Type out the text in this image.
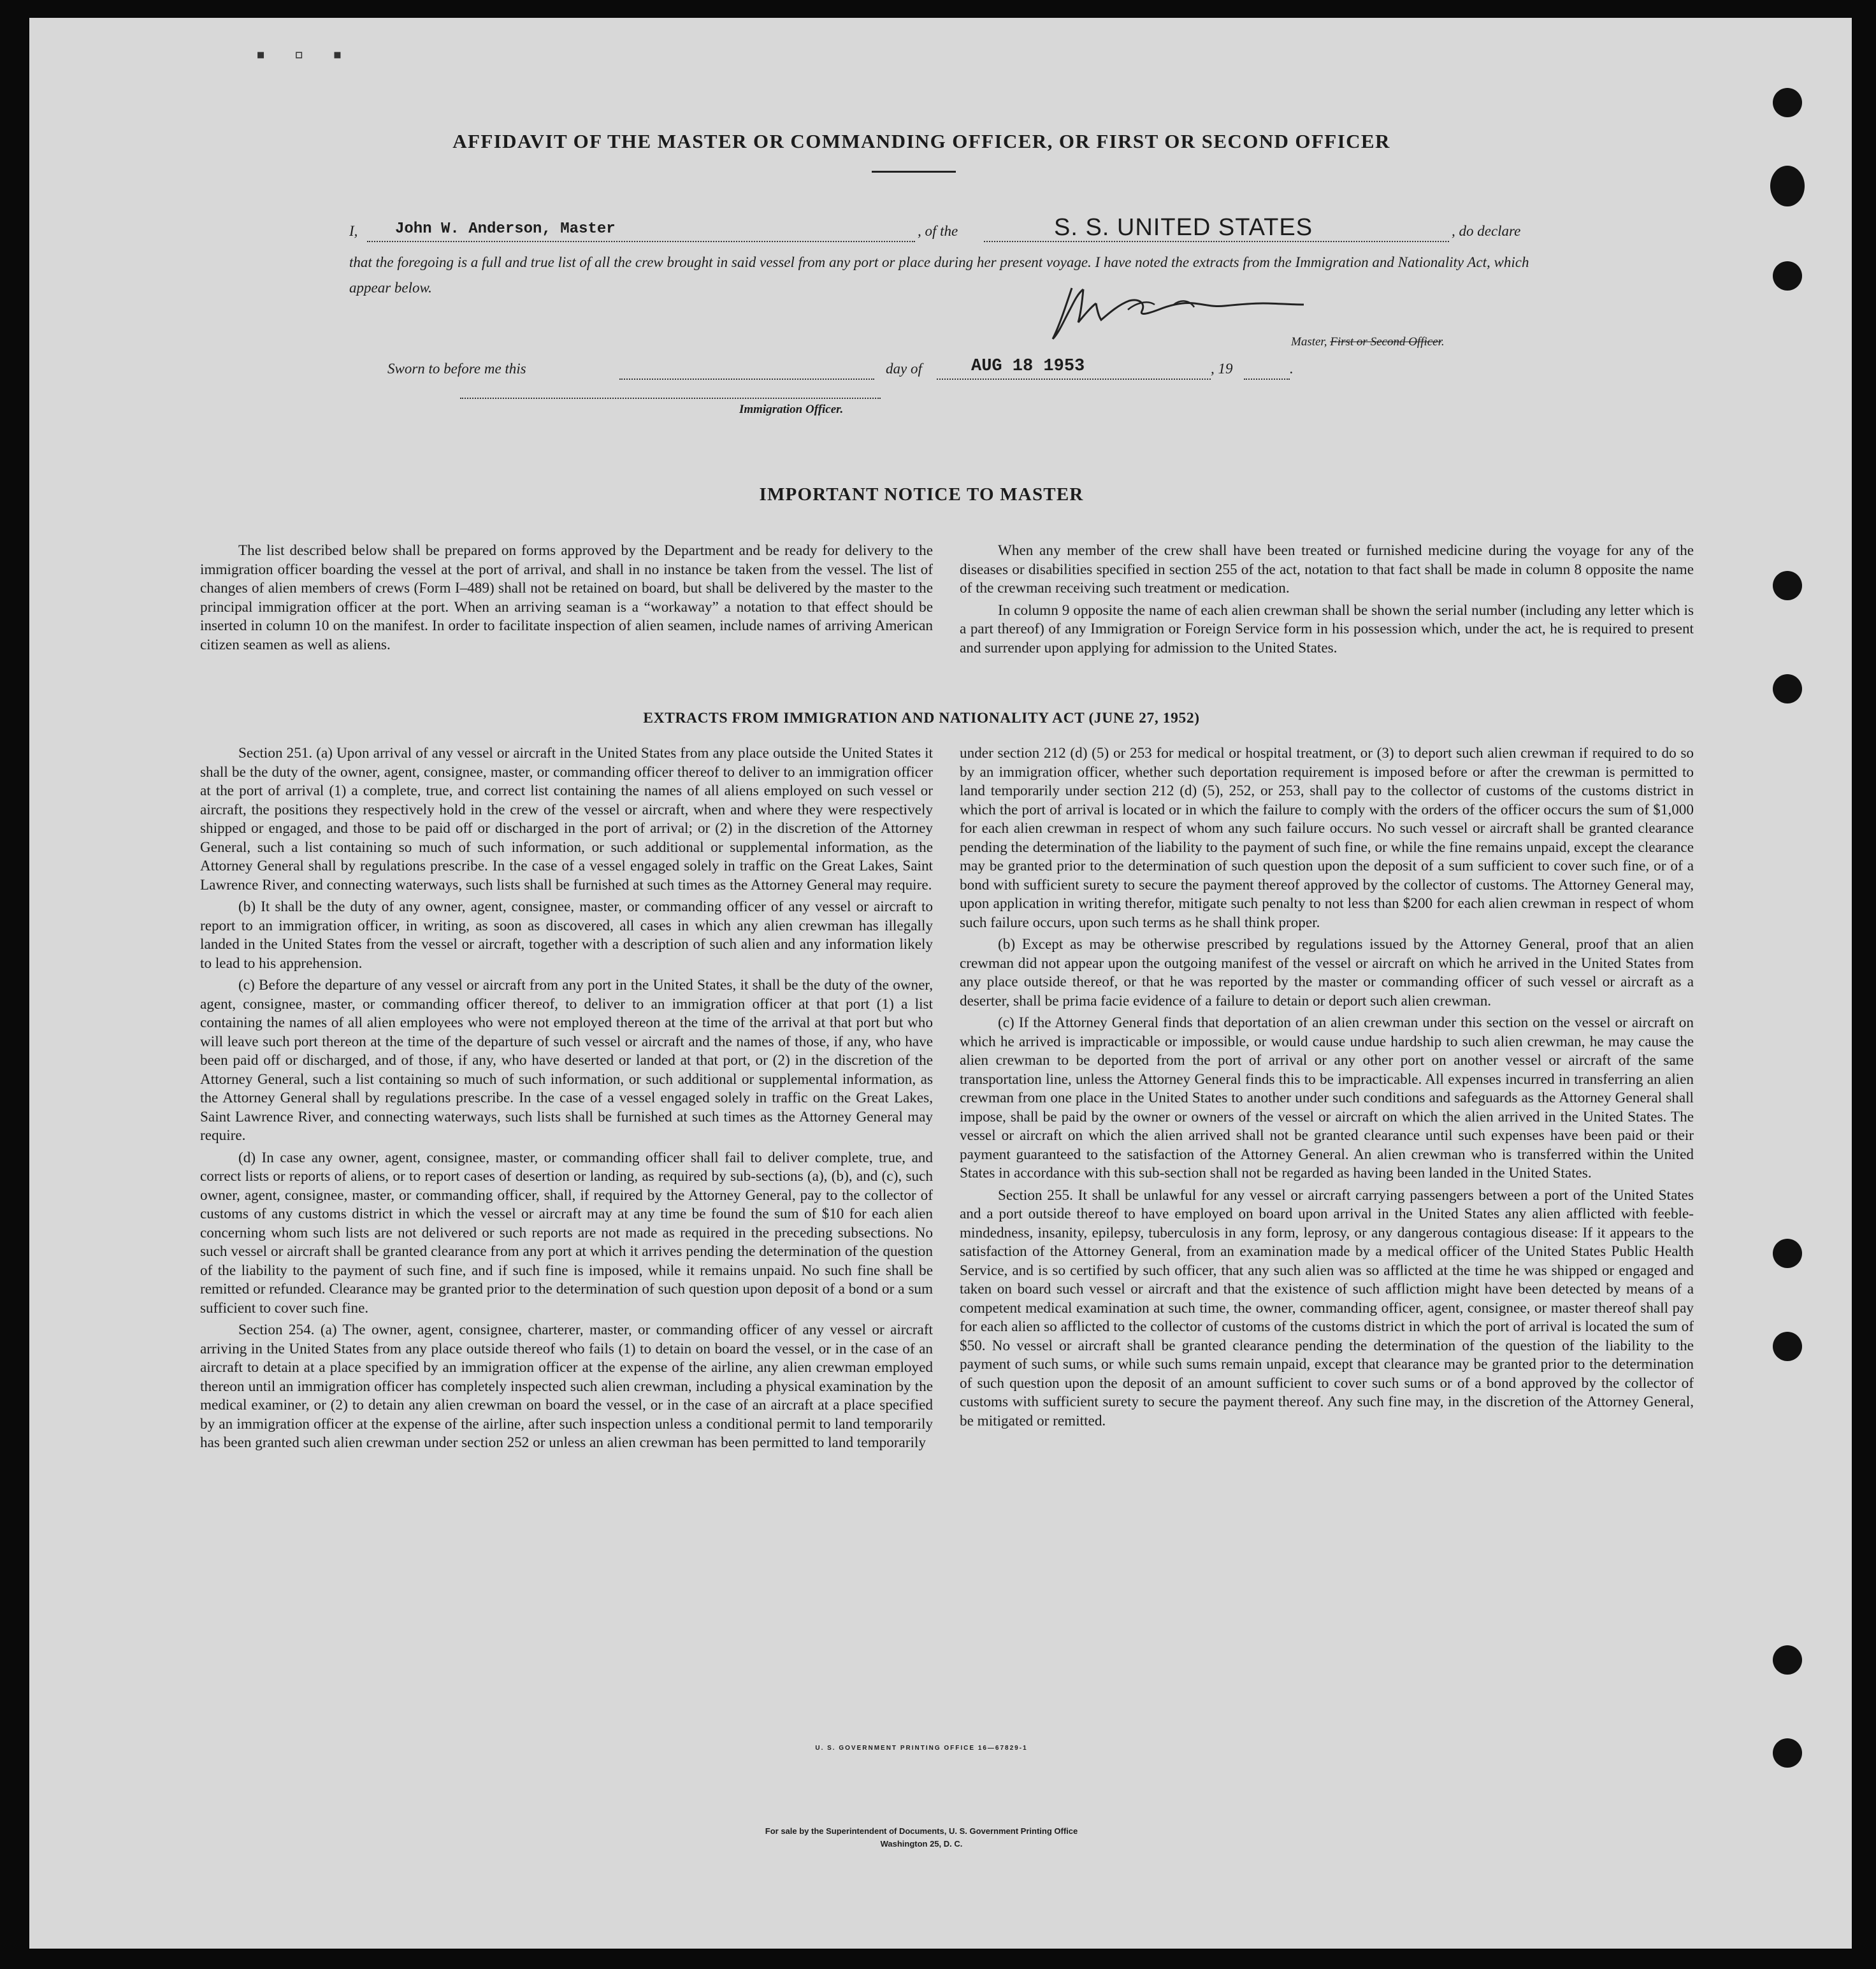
▪ ▫ ▪
AFFIDAVIT OF THE MASTER OR COMMANDING OFFICER, OR FIRST OR SECOND OFFICER
I, John W. Anderson, Master	, of the	S. S. UNITED STATES	, do declare
that the foregoing is a full and true list of all the crew brought in said vessel from any port or place during her present voyage. I have noted the extracts from the Immigration and Nationality Act, which appear below.
Master, First or Second Officer.
Sworn to before me this	day of	AUG 18 1953	, 19	.
Immigration Officer.
IMPORTANT NOTICE TO MASTER

The list described below shall be prepared on forms approved by the Department and be ready for delivery to the immigration officer boarding the vessel at the port of arrival, and shall in no instance be taken from the vessel. The list of changes of alien members of crews (Form I–489) shall not be retained on board, but shall be delivered by the master to the principal immigration officer at the port. When an arriving seaman is a “workaway” a notation to that effect should be inserted in column 10 on the manifest. In order to facilitate inspection of alien seamen, include names of arriving American citizen seamen as well as aliens.

When any member of the crew shall have been treated or furnished medicine during the voyage for any of the diseases or disabilities specified in section 255 of the act, notation to that fact shall be made in column 8 opposite the name of the crewman receiving such treatment or medication.

In column 9 opposite the name of each alien crewman shall be shown the serial number (including any letter which is a part thereof) of any Immigration or Foreign Service form in his possession which, under the act, he is required to present and surrender upon applying for admission to the United States.

EXTRACTS FROM IMMIGRATION AND NATIONALITY ACT (JUNE 27, 1952)

Section 251. (a) Upon arrival of any vessel or aircraft in the United States from any place outside the United States it shall be the duty of the owner, agent, consignee, master, or commanding officer thereof to deliver to an immigration officer at the port of arrival (1) a complete, true, and correct list containing the names of all aliens employed on such vessel or aircraft, the positions they respectively hold in the crew of the vessel or aircraft, when and where they were respectively shipped or engaged, and those to be paid off or discharged in the port of arrival; or (2) in the discretion of the Attorney General, such a list containing so much of such information, or such additional or supplemental information, as the Attorney General shall by regulations prescribe. In the case of a vessel engaged solely in traffic on the Great Lakes, Saint Lawrence River, and connecting waterways, such lists shall be furnished at such times as the Attorney General may require.

(b) It shall be the duty of any owner, agent, consignee, master, or commanding officer of any vessel or aircraft to report to an immigration officer, in writing, as soon as discovered, all cases in which any alien crewman has illegally landed in the United States from the vessel or aircraft, together with a description of such alien and any information likely to lead to his apprehension.

(c) Before the departure of any vessel or aircraft from any port in the United States, it shall be the duty of the owner, agent, consignee, master, or commanding officer thereof, to deliver to an immigration officer at that port (1) a list containing the names of all alien employees who were not employed thereon at the time of the arrival at that port but who will leave such port thereon at the time of the departure of such vessel or aircraft and the names of those, if any, who have been paid off or discharged, and of those, if any, who have deserted or landed at that port, or (2) in the discretion of the Attorney General, such a list containing so much of such information, or such additional or supplemental information, as the Attorney General shall by regulations prescribe. In the case of a vessel engaged solely in traffic on the Great Lakes, Saint Lawrence River, and connecting waterways, such lists shall be furnished at such times as the Attorney General may require.

(d) In case any owner, agent, consignee, master, or commanding officer shall fail to deliver complete, true, and correct lists or reports of aliens, or to report cases of desertion or landing, as required by sub-sections (a), (b), and (c), such owner, agent, consignee, master, or commanding officer, shall, if required by the Attorney General, pay to the collector of customs of any customs district in which the vessel or aircraft may at any time be found the sum of $10 for each alien concerning whom such lists are not delivered or such reports are not made as required in the preceding subsections. No such vessel or aircraft shall be granted clearance from any port at which it arrives pending the determination of the question of the liability to the payment of such fine, and if such fine is imposed, while it remains unpaid. No such fine shall be remitted or refunded. Clearance may be granted prior to the determination of such question upon deposit of a bond or a sum sufficient to cover such fine.

Section 254. (a) The owner, agent, consignee, charterer, master, or commanding officer of any vessel or aircraft arriving in the United States from any place outside thereof who fails (1) to detain on board the vessel, or in the case of an aircraft to detain at a place specified by an immigration officer at the expense of the airline, any alien crewman employed thereon until an immigration officer has completely inspected such alien crewman, including a physical examination by the medical examiner, or (2) to detain any alien crewman on board the vessel, or in the case of an aircraft at a place specified by an immigration officer at the expense of the airline, after such inspection unless a conditional permit to land temporarily has been granted such alien crewman under section 252 or unless an alien crewman has been permitted to land temporarily

under section 212 (d) (5) or 253 for medical or hospital treatment, or (3) to deport such alien crewman if required to do so by an immigration officer, whether such deportation requirement is imposed before or after the crewman is permitted to land temporarily under section 212 (d) (5), 252, or 253, shall pay to the collector of customs of the customs district in which the port of arrival is located or in which the failure to comply with the orders of the officer occurs the sum of $1,000 for each alien crewman in respect of whom any such failure occurs. No such vessel or aircraft shall be granted clearance pending the determination of the liability to the payment of such fine, or while the fine remains unpaid, except the clearance may be granted prior to the determination of such question upon the deposit of a sum sufficient to cover such fine, or of a bond with sufficient surety to secure the payment thereof approved by the collector of customs. The Attorney General may, upon application in writing therefor, mitigate such penalty to not less than $200 for each alien crewman in respect of whom such failure occurs, upon such terms as he shall think proper.

(b) Except as may be otherwise prescribed by regulations issued by the Attorney General, proof that an alien crewman did not appear upon the outgoing manifest of the vessel or aircraft on which he arrived in the United States from any place outside thereof, or that he was reported by the master or commanding officer of such vessel or aircraft as a deserter, shall be prima facie evidence of a failure to detain or deport such alien crewman.

(c) If the Attorney General finds that deportation of an alien crewman under this section on the vessel or aircraft on which he arrived is impracticable or impossible, or would cause undue hardship to such alien crewman, he may cause the alien crewman to be deported from the port of arrival or any other port on another vessel or aircraft of the same transportation line, unless the Attorney General finds this to be impracticable. All expenses incurred in transferring an alien crewman from one place in the United States to another under such conditions and safeguards as the Attorney General shall impose, shall be paid by the owner or owners of the vessel or aircraft on which the alien arrived in the United States. The vessel or aircraft on which the alien arrived shall not be granted clearance until such expenses have been paid or their payment guaranteed to the satisfaction of the Attorney General. An alien crewman who is transferred within the United States in accordance with this sub-section shall not be regarded as having been landed in the United States.

Section 255. It shall be unlawful for any vessel or aircraft carrying passengers between a port of the United States and a port outside thereof to have employed on board upon arrival in the United States any alien afflicted with feeble-mindedness, insanity, epilepsy, tuberculosis in any form, leprosy, or any dangerous contagious disease: If it appears to the satisfaction of the Attorney General, from an examination made by a medical officer of the United States Public Health Service, and is so certified by such officer, that any such alien was so afflicted at the time he was shipped or engaged and taken on board such vessel or aircraft and that the existence of such affliction might have been detected by means of a competent medical examination at such time, the owner, commanding officer, agent, consignee, or master thereof shall pay for each alien so afflicted to the collector of customs of the customs district in which the port of arrival is located the sum of $50. No vessel or aircraft shall be granted clearance pending the determination of the question of the liability to the payment of such sums, or while such sums remain unpaid, except that clearance may be granted prior to the determination of such question upon the deposit of an amount sufficient to cover such sums or of a bond approved by the collector of customs with sufficient surety to secure the payment thereof. Any such fine may, in the discretion of the Attorney General, be mitigated or remitted.

U. S. GOVERNMENT PRINTING OFFICE 16—67829-1
For sale by the Superintendent of Documents, U. S. Government Printing Office
Washington 25, D. C.
